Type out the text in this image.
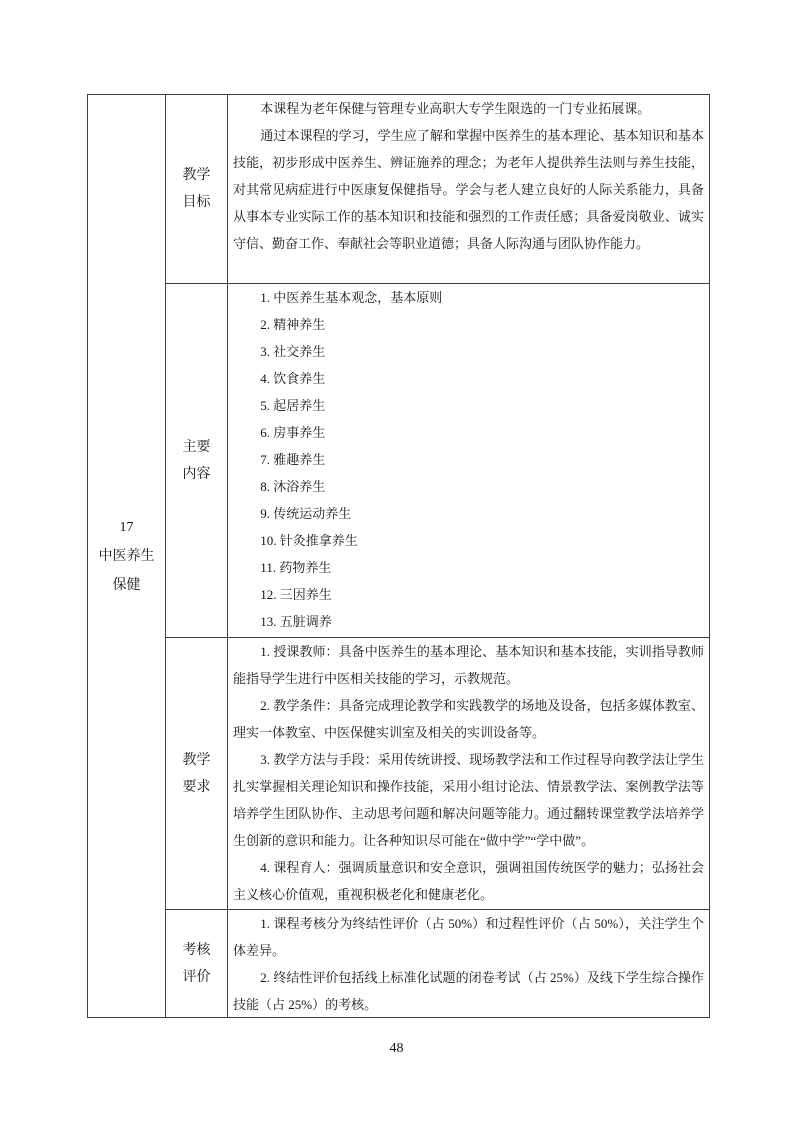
17
中医养生
保健
教学
目标

本课程为老年保健与管理专业高职大专学生限选的一门专业拓展课。

通过本课程的学习，学生应了解和掌握中医养生的基本理论、基本知识和基本技能，初步形成中医养生、辨证施养的理念；为老年人提供养生法则与养生技能，对其常见病症进行中医康复保健指导。学会与老人建立良好的人际关系能力，具备从事本专业实际工作的基本知识和技能和强烈的工作责任感；具备爱岗敬业、诚实守信、勤奋工作、奉献社会等职业道德；具备人际沟通与团队协作能力。

主要
内容
1. 中医养生基本观念，基本原则
2. 精神养生
3. 社交养生
4. 饮食养生
5. 起居养生
6. 房事养生
7. 雅趣养生
8. 沐浴养生
9. 传统运动养生
10. 针灸推拿养生
11. 药物养生
12. 三因养生
13. 五脏调养
教学
要求

1. 授课教师：具备中医养生的基本理论、基本知识和基本技能，实训指导教师能指导学生进行中医相关技能的学习，示教规范。

2. 教学条件：具备完成理论教学和实践教学的场地及设备，包括多媒体教室、理实一体教室、中医保健实训室及相关的实训设备等。

3. 教学方法与手段：采用传统讲授、现场教学法和工作过程导向教学法让学生扎实掌握相关理论知识和操作技能，采用小组讨论法、情景教学法、案例教学法等培养学生团队协作、主动思考问题和解决问题等能力。通过翻转课堂教学法培养学生创新的意识和能力。让各种知识尽可能在“做中学”“学中做”。

4. 课程育人：强调质量意识和安全意识，强调祖国传统医学的魅力；弘扬社会主义核心价值观，重视积极老化和健康老化。

考核
评价

1. 课程考核分为终结性评价（占 50%）和过程性评价（占 50%），关注学生个体差异。

2. 终结性评价包括线上标准化试题的闭卷考试（占 25%）及线下学生综合操作技能（占 25%）的考核。

48
